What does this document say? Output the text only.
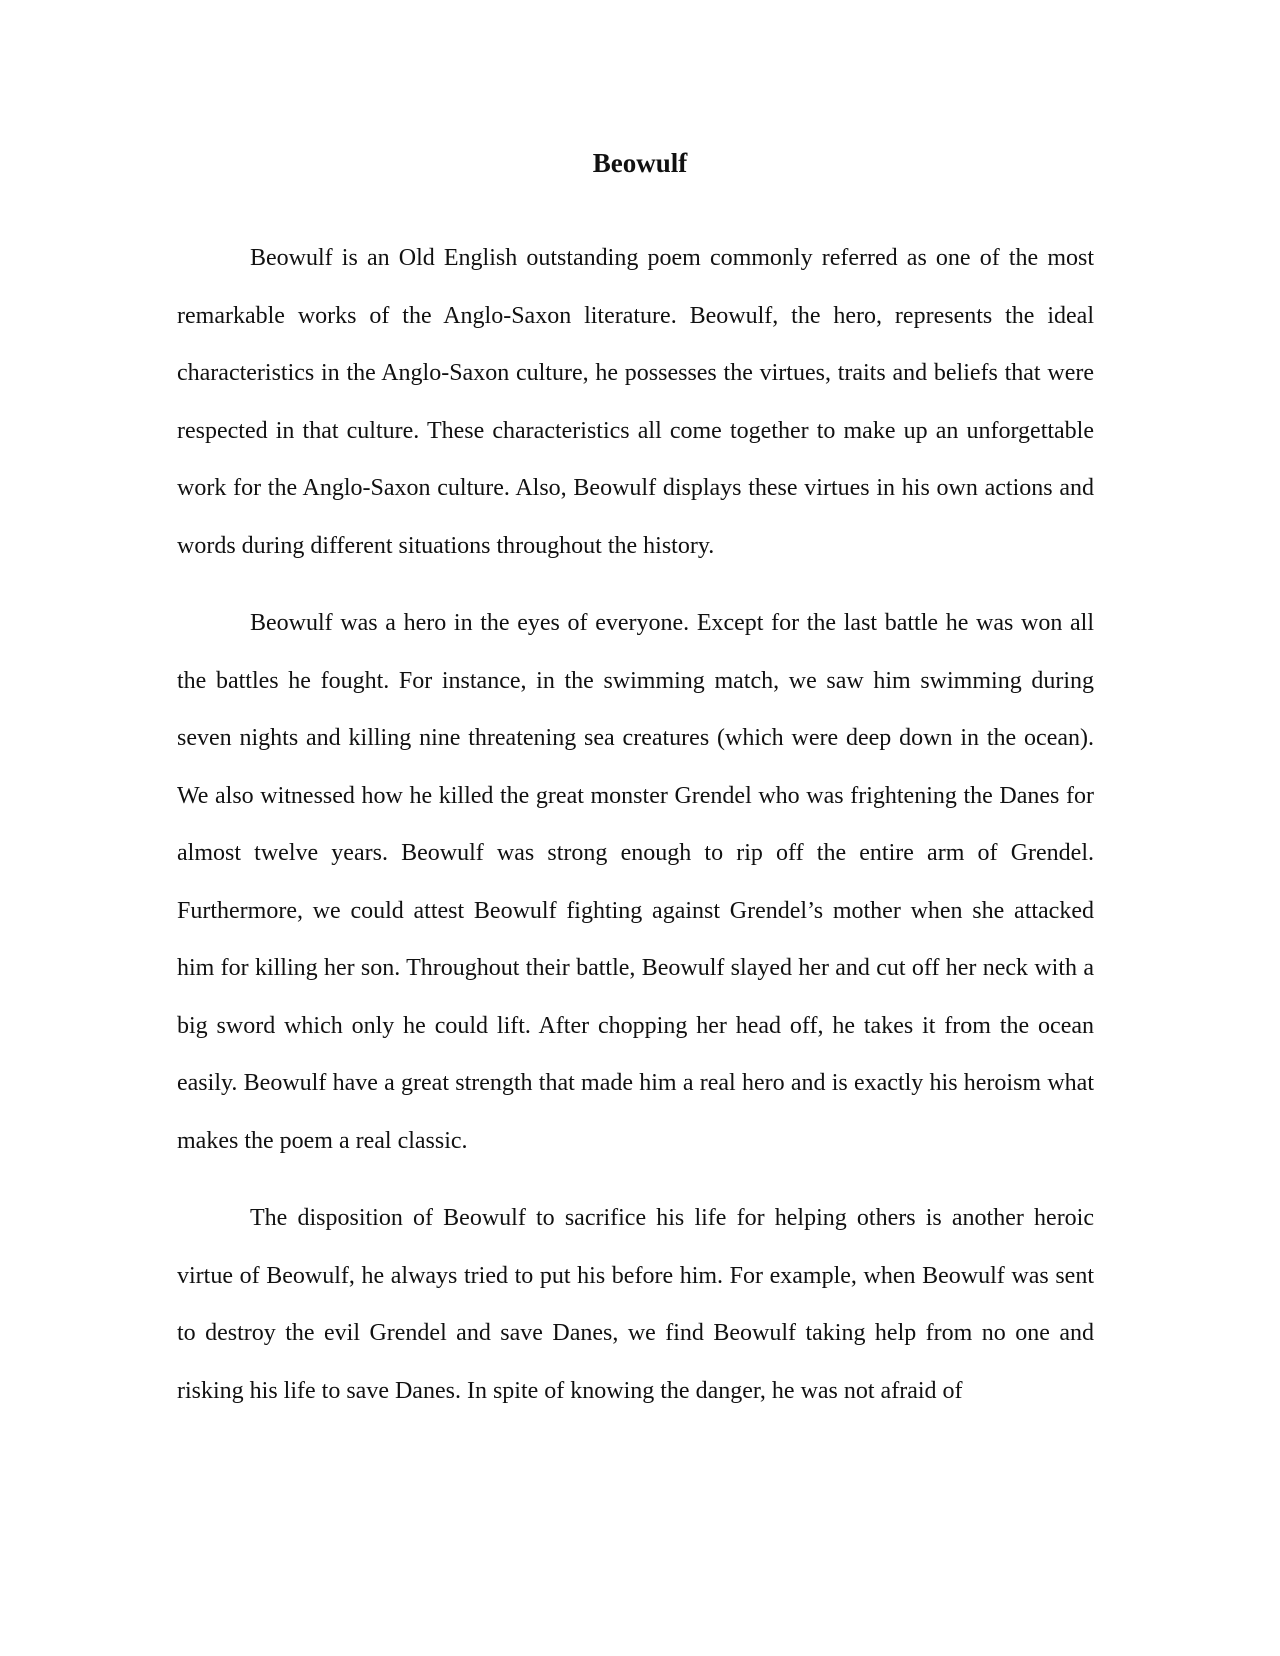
Beowulf

Beowulf is an Old English outstanding poem commonly referred as one of the most remarkable works of the Anglo-Saxon literature. Beowulf, the hero, represents the ideal characteristics in the Anglo-Saxon culture, he possesses the virtues, traits and beliefs that were respected in that culture. These characteristics all come together to make up an unforgettable work for the Anglo-Saxon culture. Also, Beowulf displays these virtues in his own actions and words during different situations throughout the history.

Beowulf was a hero in the eyes of everyone. Except for the last battle he was won all the battles he fought. For instance, in the swimming match, we saw him swimming during seven nights and killing nine threatening sea creatures (which were deep down in the ocean). We also witnessed how he killed the great monster Grendel who was frightening the Danes for almost twelve years. Beowulf was strong enough to rip off the entire arm of Grendel. Furthermore, we could attest Beowulf fighting against Grendel’s mother when she attacked him for killing her son. Throughout their battle, Beowulf slayed her and cut off her neck with a big sword which only he could lift. After chopping her head off, he takes it from the ocean easily. Beowulf have a great strength that made him a real hero and is exactly his heroism what makes the poem a real classic.

The disposition of Beowulf to sacrifice his life for helping others is another heroic virtue of Beowulf, he always tried to put his before him. For example, when Beowulf was sent to destroy the evil Grendel and save Danes, we find Beowulf taking help from no one and risking his life to save Danes. In spite of knowing the danger, he was not afraid of
